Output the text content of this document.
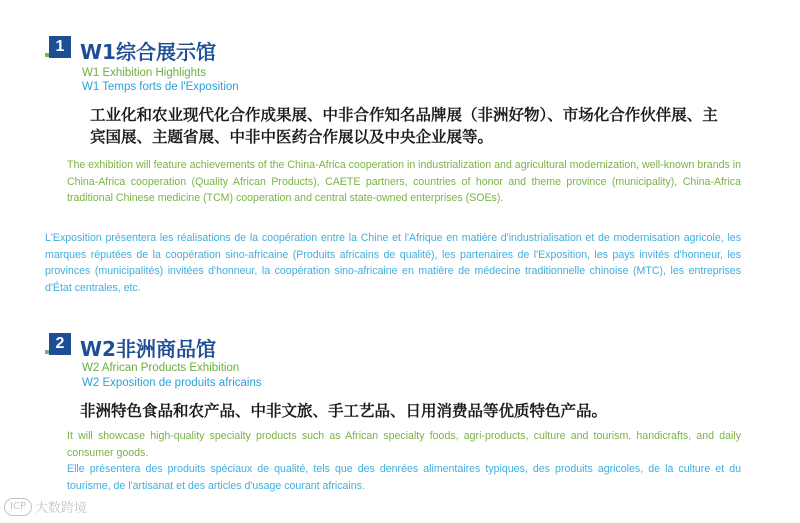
1 W1综合展示馆
W1 Exhibition Highlights
W1 Temps forts de l'Exposition
工业化和农业现代化合作成果展、中非合作知名品牌展（非洲好物）、市场化合作伙伴展、主宾国展、主题省展、中非中医药合作展以及中央企业展等。
The exhibition will feature achievements of the China-Africa cooperation in industrialization and agricultural modernization, well-known brands in China-Africa cooperation (Quality African Products), CAETE partners, countries of honor and theme province (municipality), China-Africa traditional Chinese medicine (TCM) cooperation and central state-owned enterprises (SOEs).
L'Exposition présentera les réalisations de la coopération entre la Chine et l'Afrique en matière d'industrialisation et de modernisation agricole, les marques réputées de la coopération sino-africaine (Produits africains de qualité), les partenaires de l'Exposition, les pays invités d'honneur, les provinces (municipalités) invitées d'honneur, la coopération sino-africaine en matière de médecine traditionnelle chinoise (MTC), les entreprises d'État centrales, etc.
2 W2非洲商品馆
W2 African Products Exhibition
W2 Exposition de produits africains
非洲特色食品和农产品、中非文旅、手工艺品、日用消费品等优质特色产品。
It will showcase high-quality specialty products such as African specialty foods, agri-products, culture and tourism, handicrafts, and daily consumer goods.
Elle présentera des produits spéciaux de qualité, tels que des denrées alimentaires typiques, des produits agricoles, de la culture et du tourisme, de l'artisanat et des articles d'usage courant africains.
ICP 大数跨境
